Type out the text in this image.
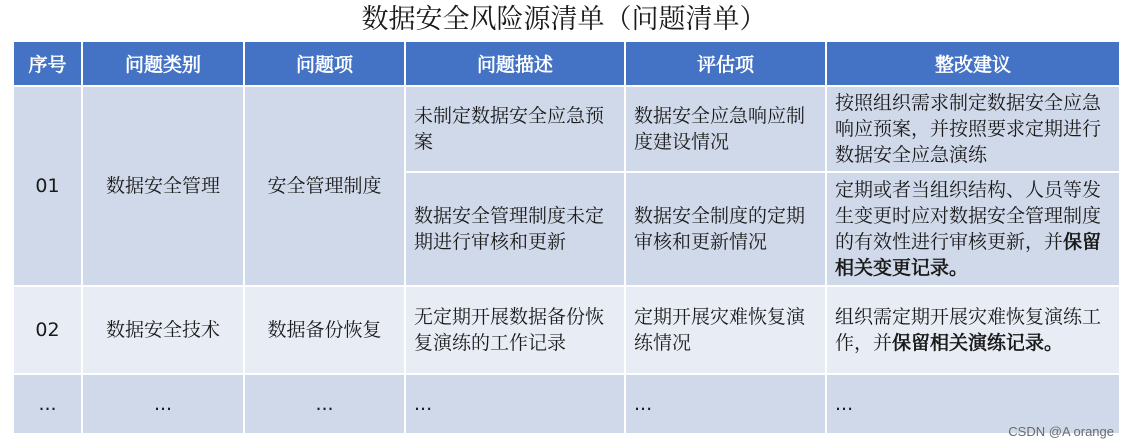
数据安全风险源清单（问题清单）
序号	问题类别	问题项	问题描述	评估项	整改建议
01	数据安全管理	安全管理制度	未制定数据安全应急预案	数据安全应急响应制度建设情况	按照组织需求制定数据安全应急响应预案，并按照要求定期进行数据安全应急演练
			数据安全管理制度未定期进行审核和更新	数据安全制度的定期审核和更新情况	定期或者当组织结构、人员等发生变更时应对数据安全管理制度的有效性进行审核更新，并保留相关变更记录。
02	数据安全技术	数据备份恢复	无定期开展数据备份恢复演练的工作记录	定期开展灾难恢复演练情况	组织需定期开展灾难恢复演练工作，并保留相关演练记录。
...	...	...	...	...	...
CSDN @A orange
